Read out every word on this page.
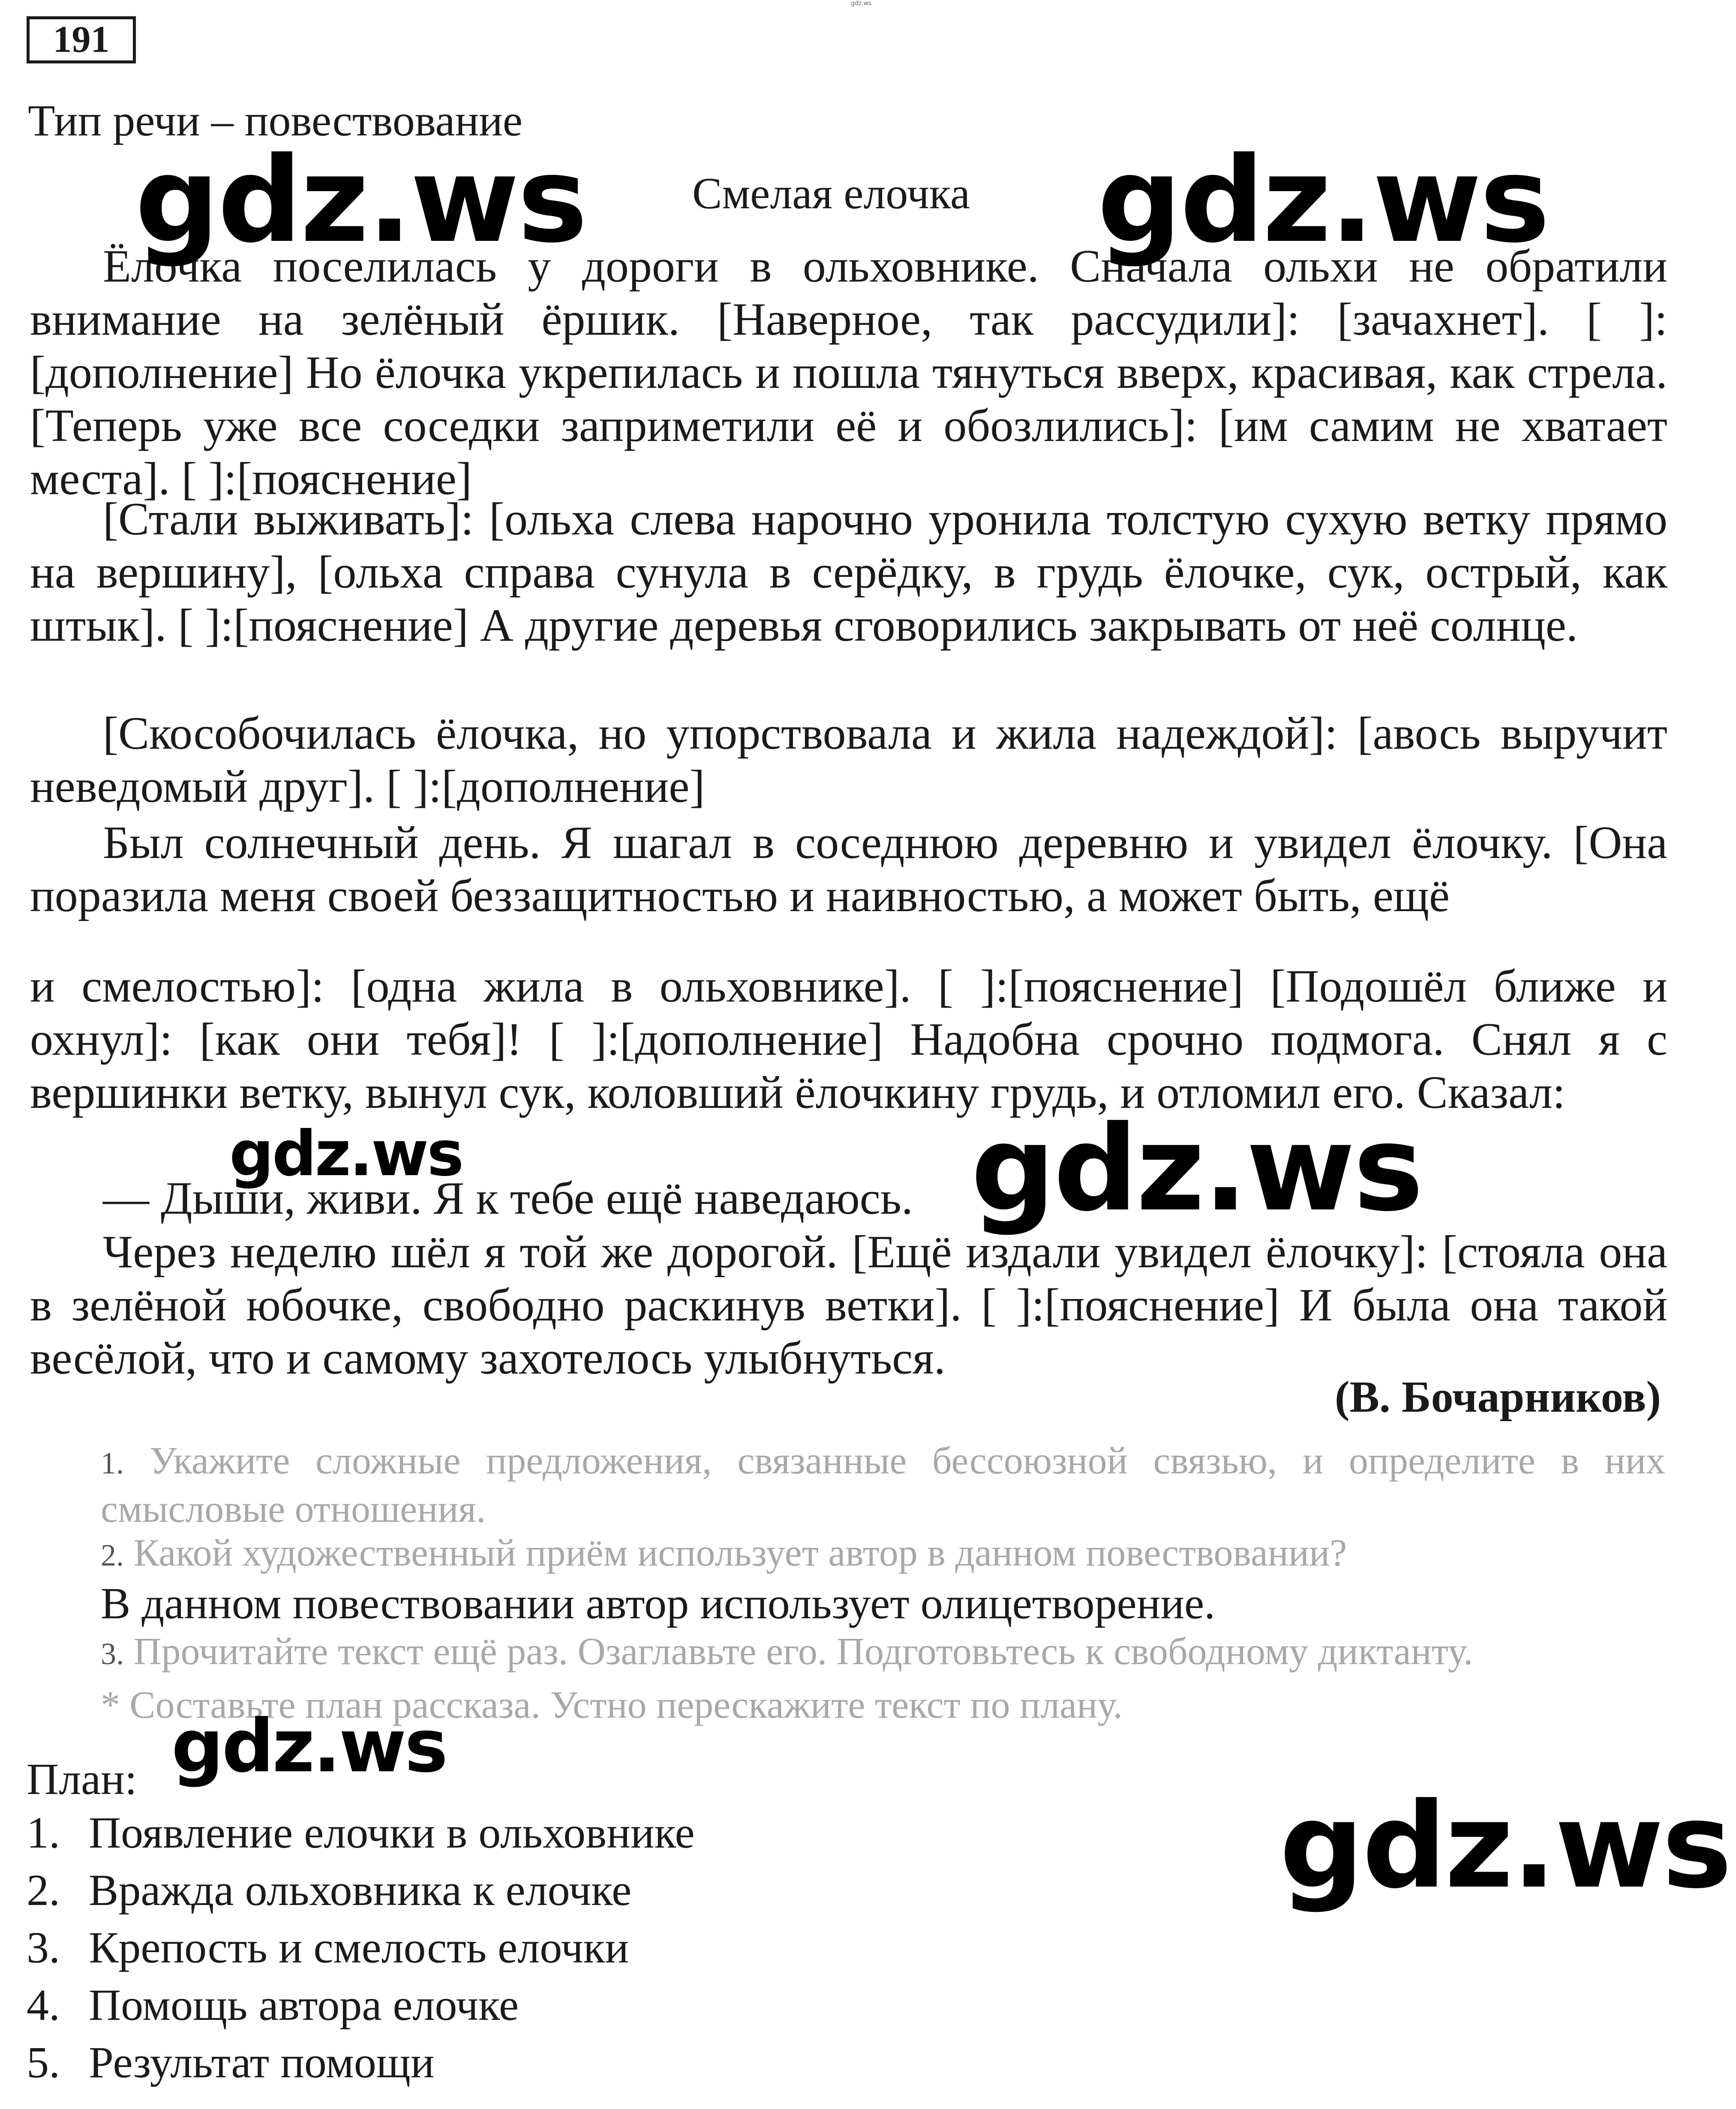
gdz.ws
191
Тип речи – повествование
Смелая елочка

Ёлочка поселилась у дороги в ольховнике. Сначала ольхи не обратили внимание на зелёный ёршик. [Наверное, так рассудили]: [зачахнет]. [ ]:[дополнение] Но ёлочка укрепилась и пошла тянуться вверх, красивая, как стрела. [Теперь уже все соседки заприметили её и обозлились]: [им самим не хватает места]. [ ]:[пояснение]

[Стали выживать]: [ольха слева нарочно уронила толстую сухую ветку прямо на вершину], [ольха справа сунула в серёдку, в грудь ёлочке, сук, острый, как штык]. [ ]:[пояснение] А другие деревья сговорились закрывать от неё солнце.

[Скособочилась ёлочка, но упорствовала и жила надеждой]: [авось выручит неведомый друг]. [ ]:[дополнение]

Был солнечный день. Я шагал в соседнюю деревню и увидел ёлочку. [Она поразила меня своей беззащитностью и наивностью, а может быть, ещё

и смелостью]: [одна жила в ольховнике]. [ ]:[пояснение] [Подошёл ближе и охнул]: [как они тебя]! [ ]:[дополнение] Надобна срочно подмога. Снял я с вершинки ветку, вынул сук, коловший ёлочкину грудь, и отломил его. Сказал:

— Дыши, живи. Я к тебе ещё наведаюсь.

Через неделю шёл я той же дорогой. [Ещё издали увидел ёлочку]: [стояла она в зелёной юбочке, свободно раскинув ветки]. [ ]:[пояснение] И была она такой весёлой, что и самому захотелось улыбнуться.

(В. Бочарников)

1. Укажите сложные предложения, связанные бессоюзной связью, и определите в них смысловые отношения.

2. Какой художественный приём использует автор в данном повествовании?

В данном повествовании автор использует олицетворение.

3. Прочитайте текст ещё раз. Озаглавьте его. Подготовьтесь к свободному диктанту.

* Составьте план рассказа. Устно перескажите текст по плану.

План:
1. Появление елочки в ольховнике
2. Вражда ольховника к елочке
3. Крепость и смелость елочки
4. Помощь автора елочке
5. Результат помощи
gdz.ws	gdz.ws
gdz.ws	gdz.ws
gdz.ws
gdz.ws
